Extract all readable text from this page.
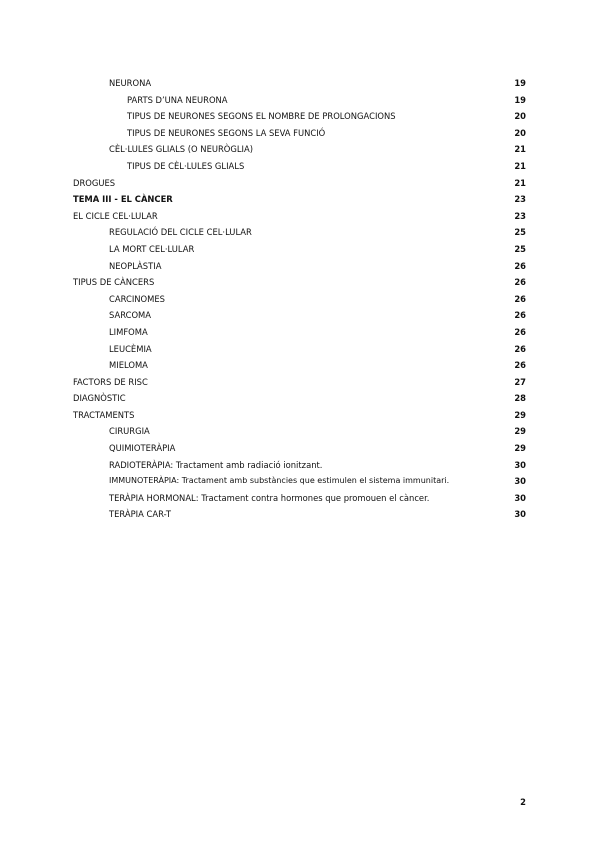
NEURONA	19
PARTS D’UNA NEURONA	19
TIPUS DE NEURONES SEGONS EL NOMBRE DE PROLONGACIONS	20
TIPUS DE NEURONES SEGONS LA SEVA FUNCIÓ	20
CÈL·LULES GLIALS (O NEURÒGLIA)	21
TIPUS DE CÈL·LULES GLIALS	21
DROGUES	21
TEMA III - EL CÀNCER	23
EL CICLE CEL·LULAR	23
REGULACIÓ DEL CICLE CEL·LULAR	25
LA MORT CEL·LULAR	25
NEOPLÀSTIA	26
TIPUS DE CÀNCERS	26
CARCINOMES	26
SARCOMA	26
LIMFOMA	26
LEUCÈMIA	26
MIELOMA	26
FACTORS DE RISC	27
DIAGNÒSTIC	28
TRACTAMENTS	29
CIRURGIA	29
QUIMIOTERÀPIA	29
RADIOTERÀPIA: Tractament amb radiació ionitzant.	30
IMMUNOTERÀPIA: Tractament amb substàncies que estimulen el sistema immunitari.	30
TERÀPIA HORMONAL: Tractament contra hormones que promouen el càncer.	30
TERÀPIA CAR-T	30
2
